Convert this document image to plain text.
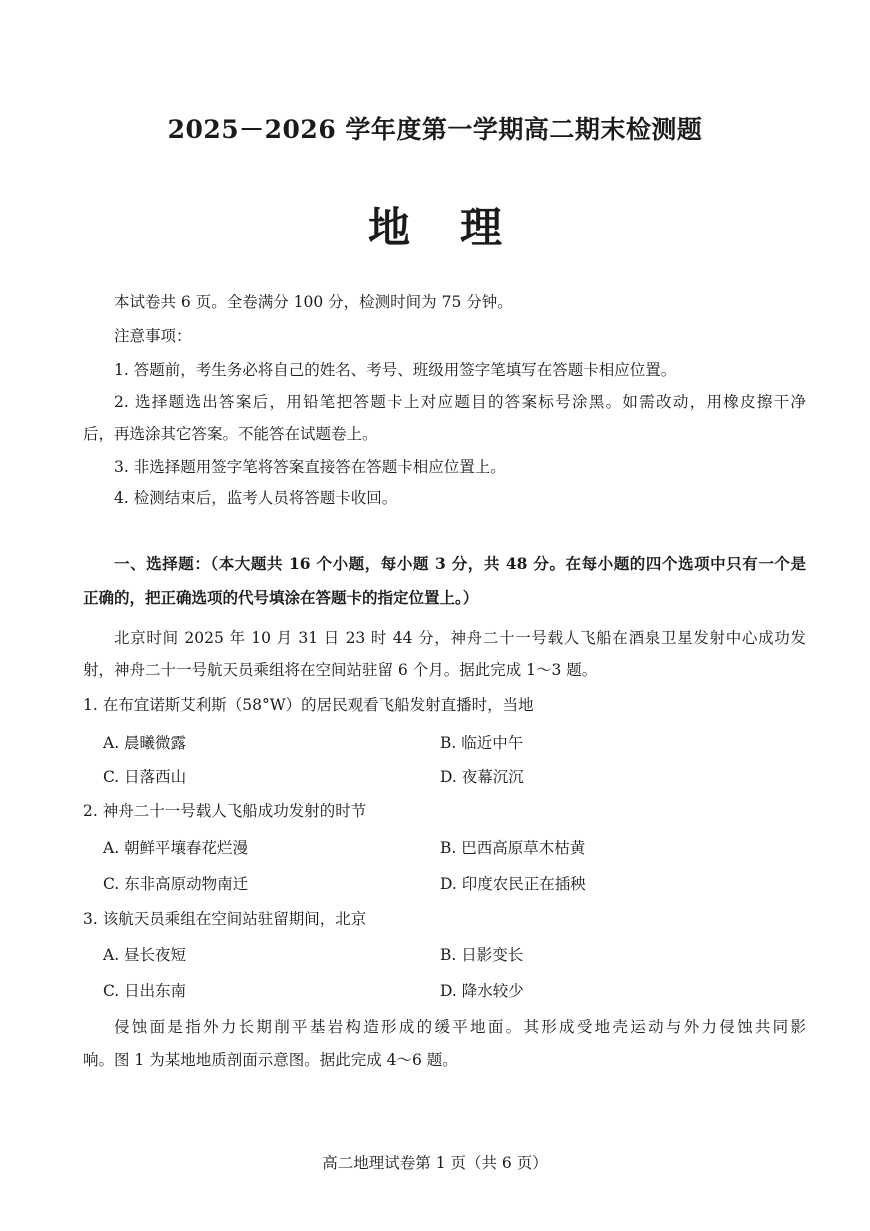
2025－2026 学年度第一学期高二期末检测题
地理
本试卷共 6 页。全卷满分 100 分，检测时间为 75 分钟。
注意事项：
1. 答题前，考生务必将自己的姓名、考号、班级用签字笔填写在答题卡相应位置。
2. 选择题选出答案后，用铅笔把答题卡上对应题目的答案标号涂黑。如需改动，用橡皮擦干净
后，再选涂其它答案。不能答在试题卷上。
3. 非选择题用签字笔将答案直接答在答题卡相应位置上。
4. 检测结束后，监考人员将答题卡收回。
一、选择题：（本大题共 16 个小题，每小题 3 分，共 48 分。在每小题的四个选项中只有一个是
正确的，把正确选项的代号填涂在答题卡的指定位置上。）
北京时间 2025 年 10 月 31 日 23 时 44 分，神舟二十一号载人飞船在酒泉卫星发射中心成功发
射，神舟二十一号航天员乘组将在空间站驻留 6 个月。据此完成 1～3 题。
1. 在布宜诺斯艾利斯（58°W）的居民观看飞船发射直播时，当地
A. 晨曦微露	B. 临近中午
C. 日落西山	D. 夜幕沉沉
2. 神舟二十一号载人飞船成功发射的时节
A. 朝鲜平壤春花烂漫	B. 巴西高原草木枯黄
C. 东非高原动物南迁	D. 印度农民正在插秧
3. 该航天员乘组在空间站驻留期间，北京
A. 昼长夜短	B. 日影变长
C. 日出东南	D. 降水较少
侵蚀面是指外力长期削平基岩构造形成的缓平地面。其形成受地壳运动与外力侵蚀共同影
响。图 1 为某地地质剖面示意图。据此完成 4～6 题。
高二地理试卷第 1 页（共 6 页）
